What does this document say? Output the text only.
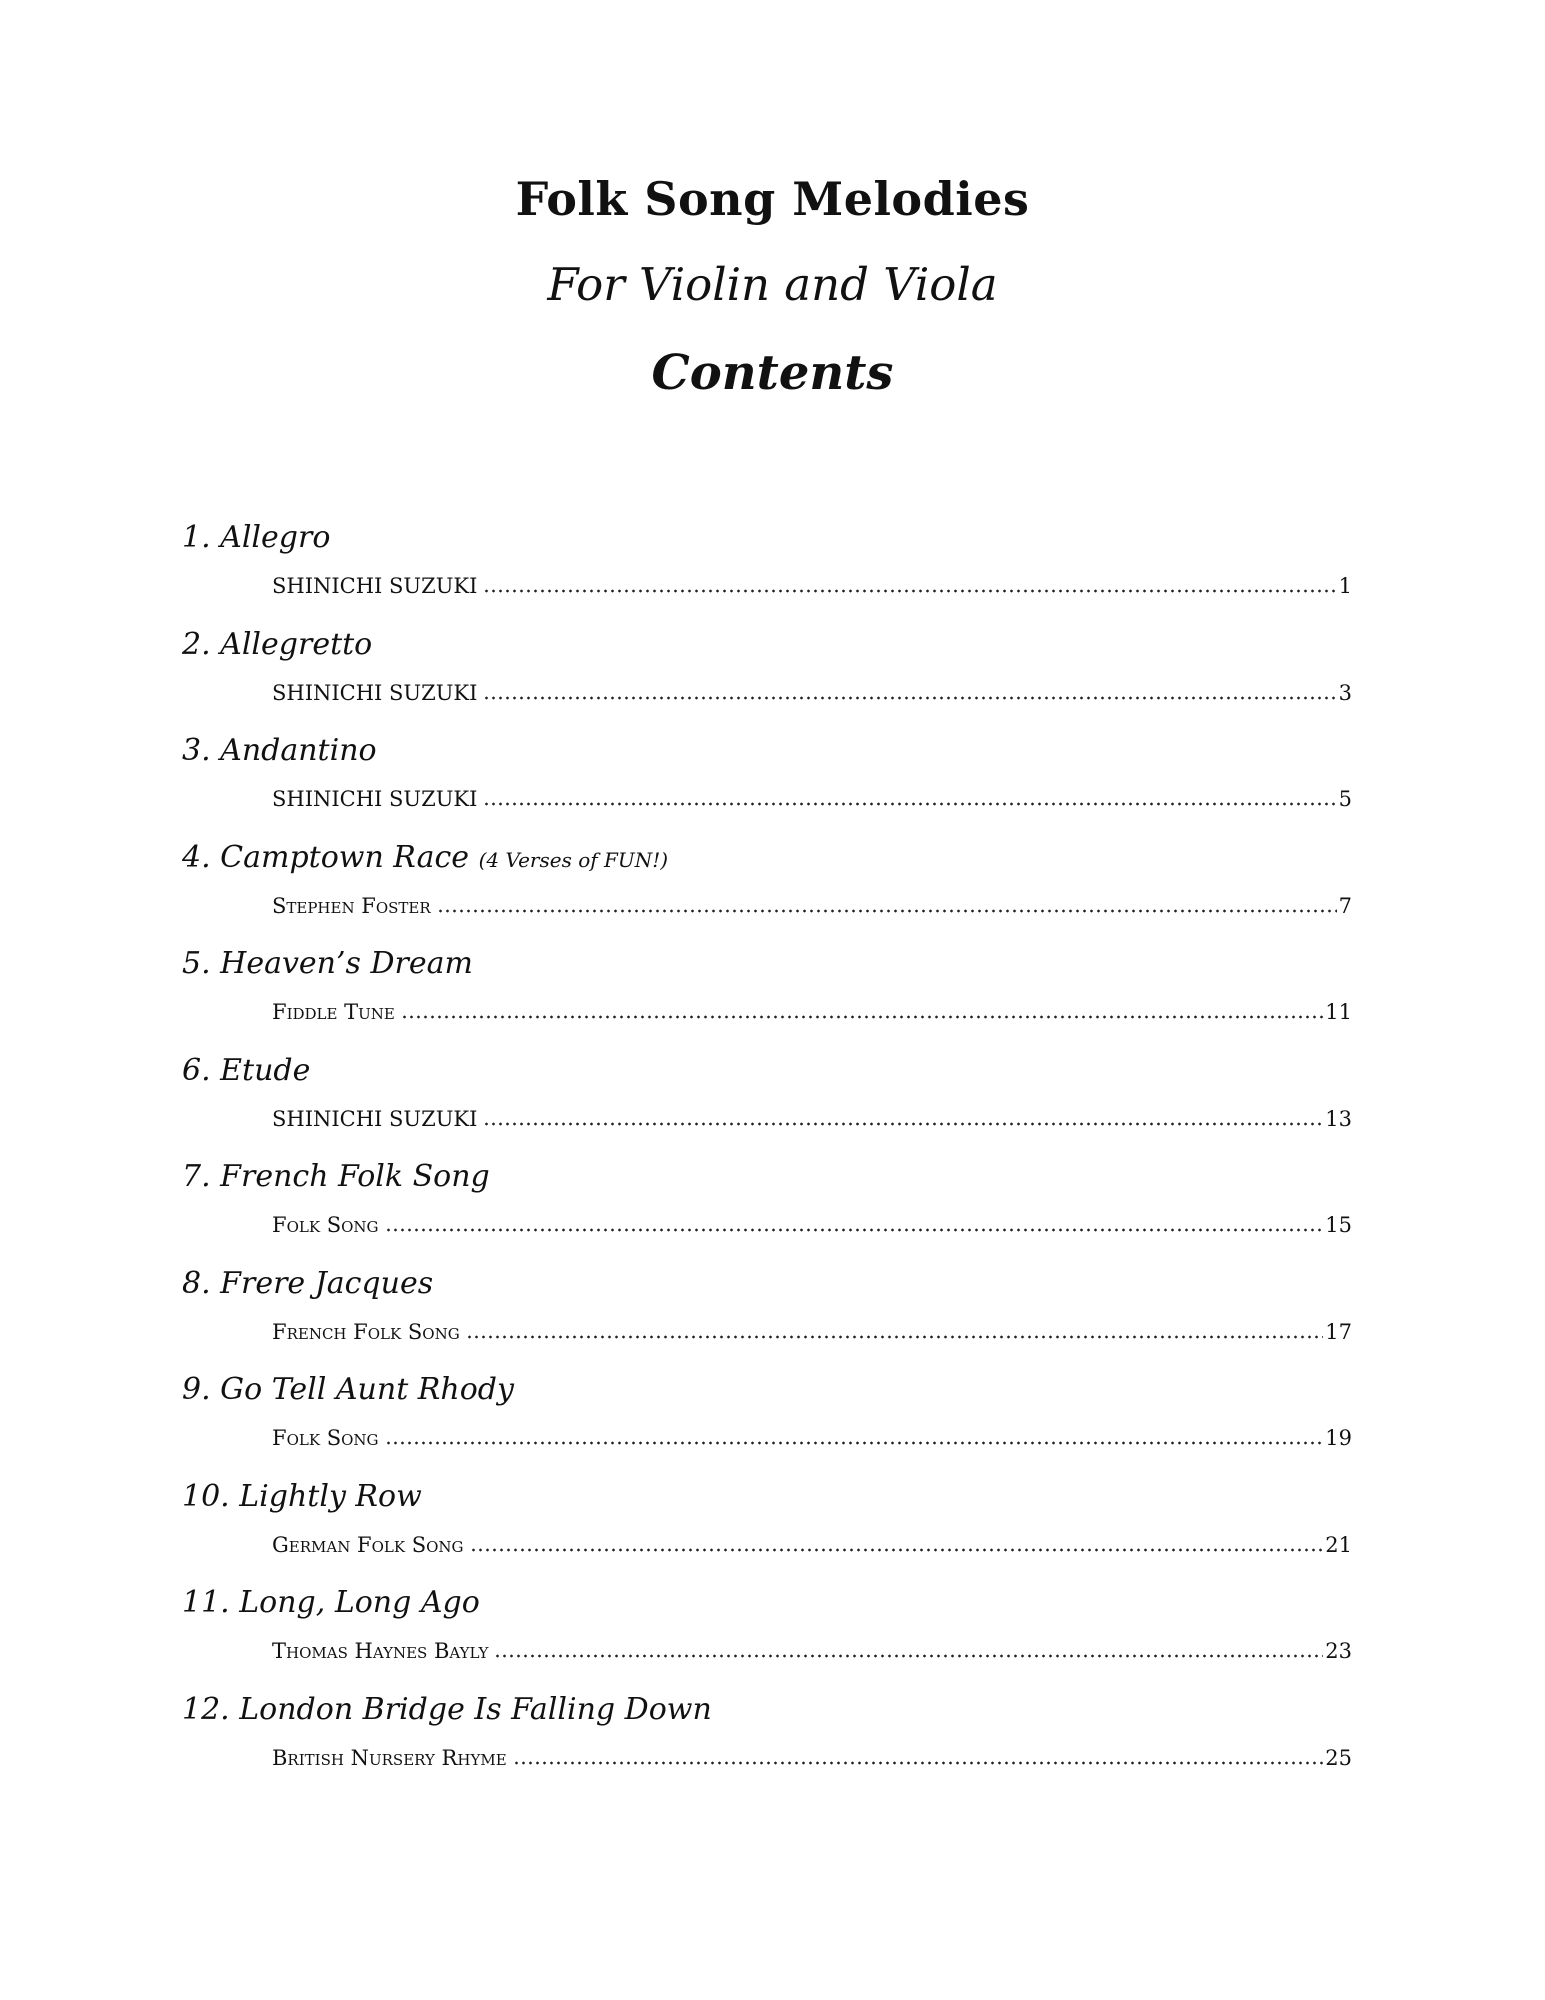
Folk Song Melodies
For Violin and Viola
Contents
1. Allegro
SHINICHI SUZUKI	1
2. Allegretto
SHINICHI SUZUKI	3
3. Andantino
SHINICHI SUZUKI	5
4. Camptown Race (4 Verses of FUN!)
Stephen Foster	7
5. Heaven’s Dream
Fiddle Tune	11
6. Etude
SHINICHI SUZUKI	13
7. French Folk Song
Folk Song	15
8. Frere Jacques
French Folk Song	17
9. Go Tell Aunt Rhody
Folk Song	19
10. Lightly Row
German Folk Song	21
11. Long, Long Ago
Thomas Haynes Bayly	23
12. London Bridge Is Falling Down
British Nursery Rhyme	25
